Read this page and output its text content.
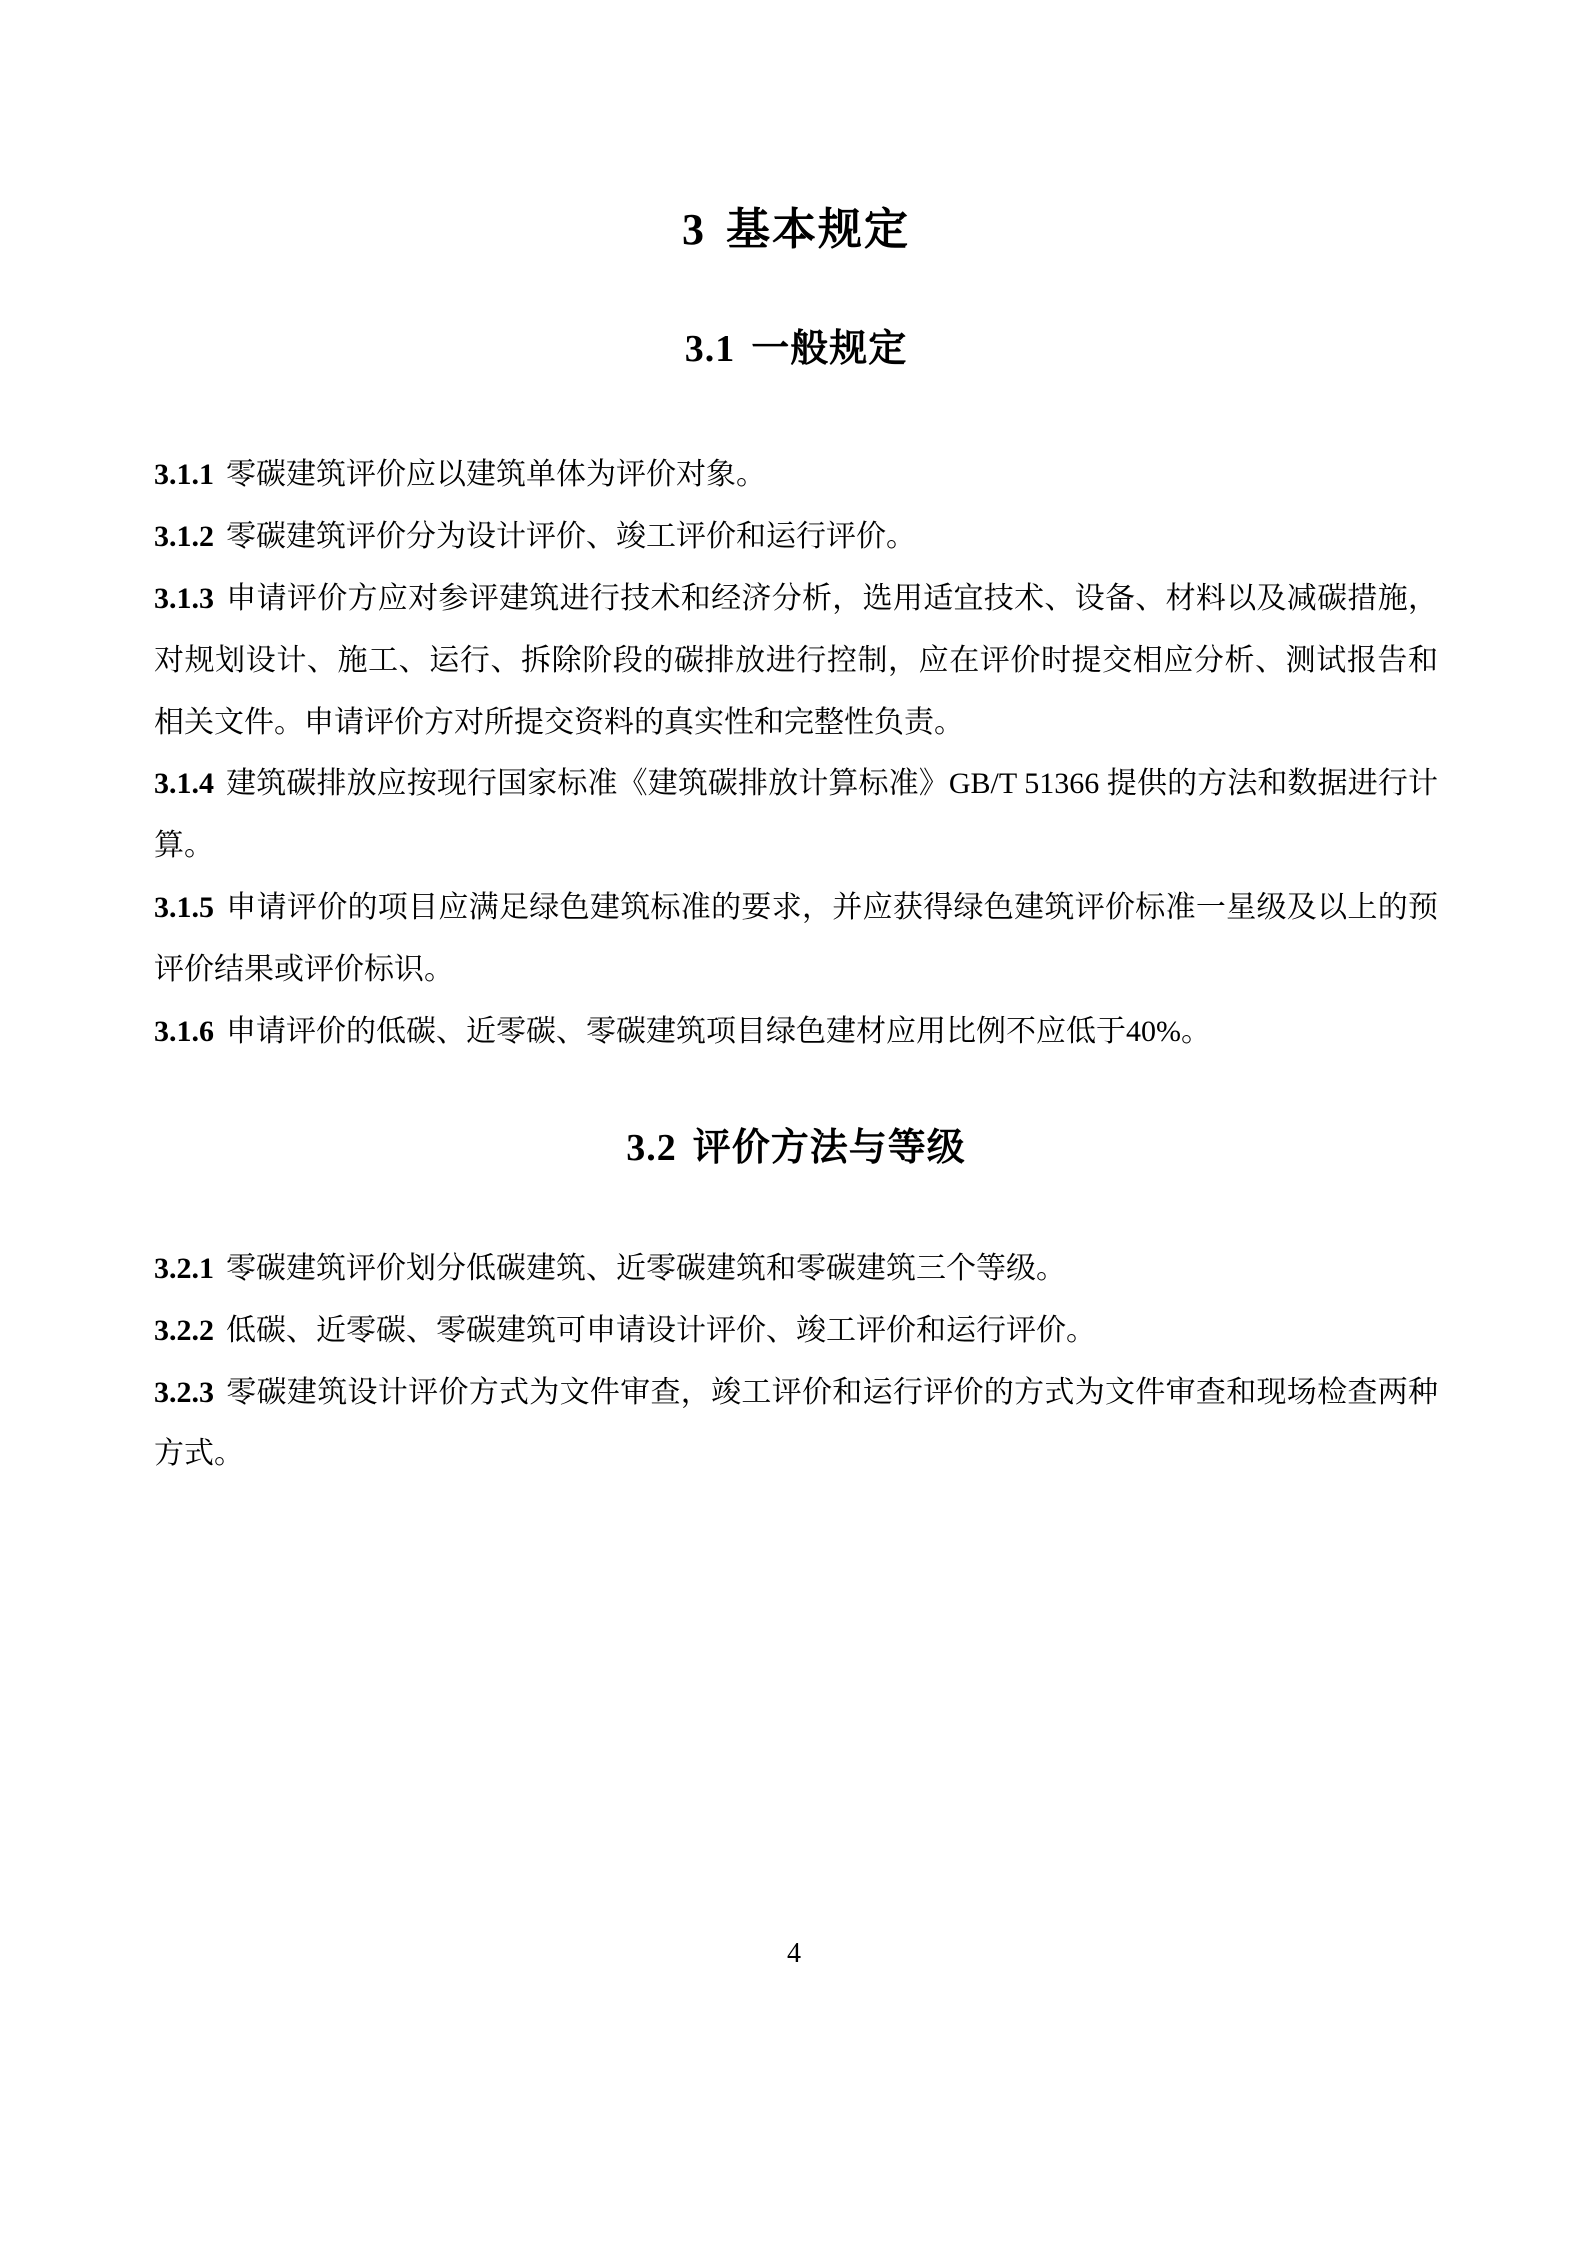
3 基本规定
3.1 一般规定

3.1.1 零碳建筑评价应以建筑单体为评价对象。

3.1.2 零碳建筑评价分为设计评价、竣工评价和运行评价。

3.1.3 申请评价方应对参评建筑进行技术和经济分析，选用适宜技术、设备、材料以及减碳措施，对规划设计、施工、运行、拆除阶段的碳排放进行控制，应在评价时提交相应分析、测试报告和相关文件。申请评价方对所提交资料的真实性和完整性负责。

3.1.4 建筑碳排放应按现行国家标准《建筑碳排放计算标准》GB/T 51366 提供的方法和数据进行计算。

3.1.5 申请评价的项目应满足绿色建筑标准的要求，并应获得绿色建筑评价标准一星级及以上的预评价结果或评价标识。

3.1.6 申请评价的低碳、近零碳、零碳建筑项目绿色建材应用比例不应低于40%。

3.2 评价方法与等级

3.2.1 零碳建筑评价划分低碳建筑、近零碳建筑和零碳建筑三个等级。

3.2.2 低碳、近零碳、零碳建筑可申请设计评价、竣工评价和运行评价。

3.2.3 零碳建筑设计评价方式为文件审查，竣工评价和运行评价的方式为文件审查和现场检查两种方式。

4
